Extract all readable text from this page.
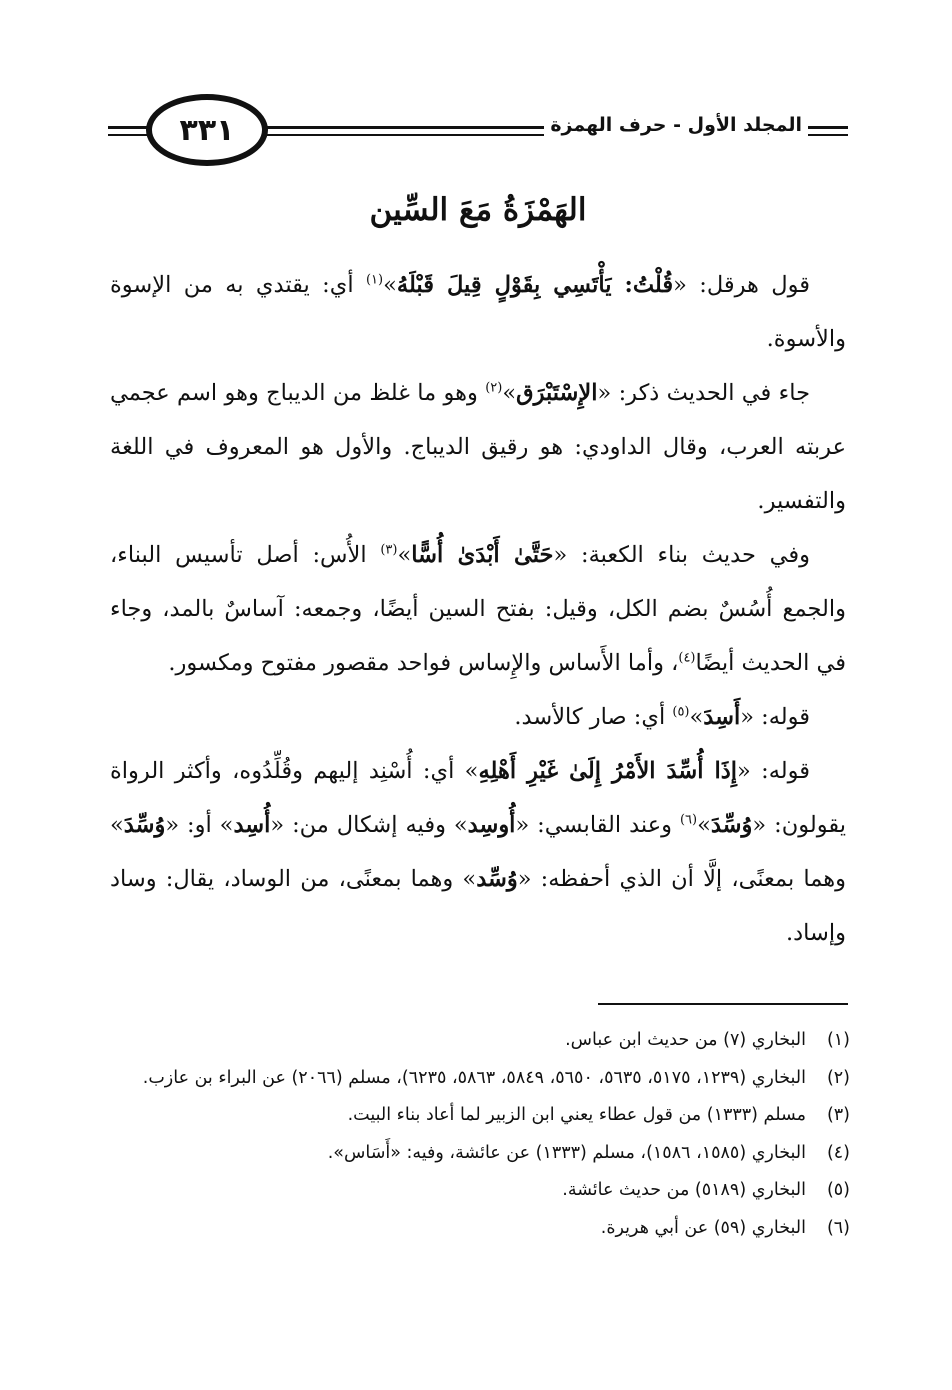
٣٣١	المجلد الأول - حرف الهمزة
الهَمْزَةُ مَعَ السِّين

قول هرقل: «قُلْتُ: يَأْتَسِي بِقَوْلٍ قِيلَ قَبْلَهُ»$^{(١)}$ أي: يقتدي به من الإسوة والأسوة.

جاء في الحديث ذكر: «الإِسْتَبْرَق»$^{(٢)}$ وهو ما غلظ من الديباج وهو اسم عجمي عربته العرب، وقال الداودي: هو رقيق الديباج. والأول هو المعروف في اللغة والتفسير.

وفي حديث بناء الكعبة: «حَتَّىٰ أَبْدَىٰ أُسًّا»$^{(٣)}$ الأُس: أصل تأسيس البناء، والجمع أُسُسٌ بضم الكل، وقيل: بفتح السين أيضًا، وجمعه: آساسٌ بالمد، وجاء في الحديث أيضًا$^{(٤)}$، وأما الأَساس والإِساس فواحد مقصور مفتوح ومكسور.

قوله: «أَسِدَ»$^{(٥)}$ أي: صار كالأسد.

قوله: «إِذَا أُسِّدَ الأَمْرُ إِلَىٰ غَيْرِ أَهْلِهِ» أي: أُسْنِد إليهم وقُلِّدُوه، وأكثر الرواة يقولون: «وُسِّدَ»$^{(٦)}$ وعند القابسي: «أُوسِد» وفيه إشكال من: «أُسِد» أو: «وُسِّدَ» وهما بمعنًى، إلَّا أن الذي أحفظه: «وُسِّد» وهما بمعنًى، من الوساد، يقال: وساد وإساد.

(١)
البخاري (٧) من حديث ابن عباس.
(٢)
البخاري (١٢٣٩، ٥١٧٥، ٥٦٣٥، ٥٦٥٠، ٥٨٤٩، ٥٨٦٣، ٦٢٣٥)، مسلم (٢٠٦٦) عن البراء بن عازب.
(٣)
مسلم (١٣٣٣) من قول عطاء يعني ابن الزبير لما أعاد بناء البيت.
(٤)
البخاري (١٥٨٥، ١٥٨٦)، مسلم (١٣٣٣) عن عائشة، وفيه: «أَسَاس».
(٥)
البخاري (٥١٨٩) من حديث عائشة.
(٦)
البخاري (٥٩) عن أبي هريرة.
